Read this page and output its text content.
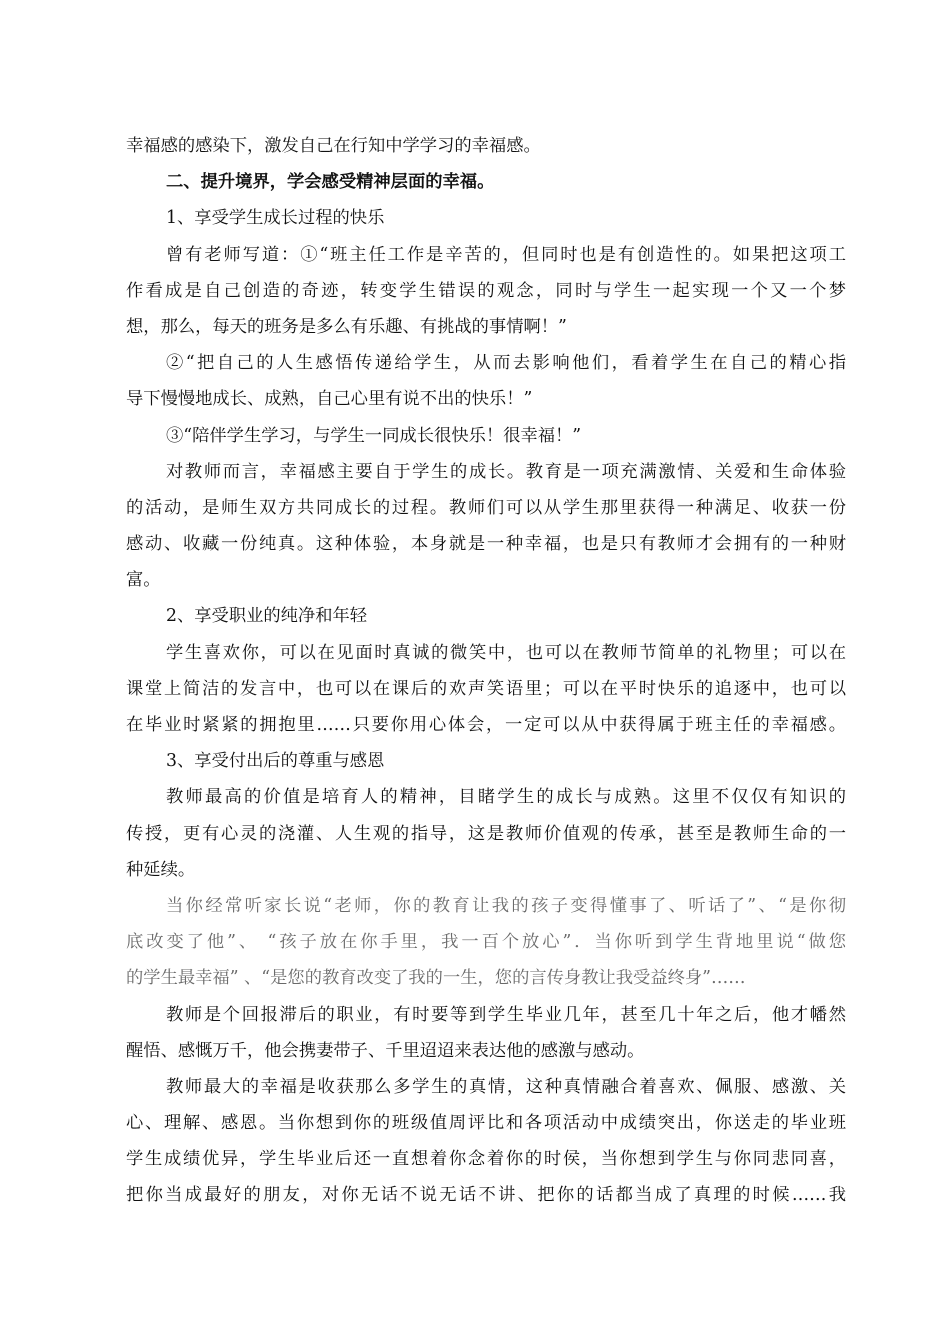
幸福感的感染下，激发自己在行知中学学习的幸福感。
二、提升境界，学会感受精神层面的幸福。
1、享受学生成长过程的快乐
曾有老师写道：①“班主任工作是辛苦的，但同时也是有创造性的。如果把这项工
作看成是自己创造的奇迹，转变学生错误的观念，同时与学生一起实现一个又一个梦
想，那么，每天的班务是多么有乐趣、有挑战的事情啊！”
②“把自己的人生感悟传递给学生，从而去影响他们，看着学生在自己的精心指
导下慢慢地成长、成熟，自己心里有说不出的快乐！”
③“陪伴学生学习，与学生一同成长很快乐！很幸福！”
对教师而言，幸福感主要自于学生的成长。教育是一项充满激情、关爱和生命体验
的活动，是师生双方共同成长的过程。教师们可以从学生那里获得一种满足、收获一份
感动、收藏一份纯真。这种体验，本身就是一种幸福，也是只有教师才会拥有的一种财
富。
2、享受职业的纯净和年轻
学生喜欢你，可以在见面时真诚的微笑中，也可以在教师节简单的礼物里；可以在
课堂上简洁的发言中，也可以在课后的欢声笑语里；可以在平时快乐的追逐中，也可以
在毕业时紧紧的拥抱里……只要你用心体会，一定可以从中获得属于班主任的幸福感。
3、享受付出后的尊重与感恩
教师最高的价值是培育人的精神，目睹学生的成长与成熟。这里不仅仅有知识的
传授，更有心灵的浇灌、人生观的指导，这是教师价值观的传承，甚至是教师生命的一
种延续。
当你经常听家长说“老师，你的教育让我的孩子变得懂事了、听话了”、“是你彻
底改变了他”、 “孩子放在你手里，我一百个放心”．当你听到学生背地里说“做您
的学生最幸福” 、“是您的教育改变了我的一生，您的言传身教让我受益终身”……
教师是个回报滞后的职业，有时要等到学生毕业几年，甚至几十年之后，他才幡然
醒悟、感慨万千，他会携妻带子、千里迢迢来表达他的感激与感动。
教师最大的幸福是收获那么多学生的真情，这种真情融合着喜欢、佩服、感激、关
心、理解、感恩。当你想到你的班级值周评比和各项活动中成绩突出，你送走的毕业班
学生成绩优异，学生毕业后还一直想着你念着你的时侯，当你想到学生与你同悲同喜，
把你当成最好的朋友，对你无话不说无话不讲、把你的话都当成了真理的时候……我
